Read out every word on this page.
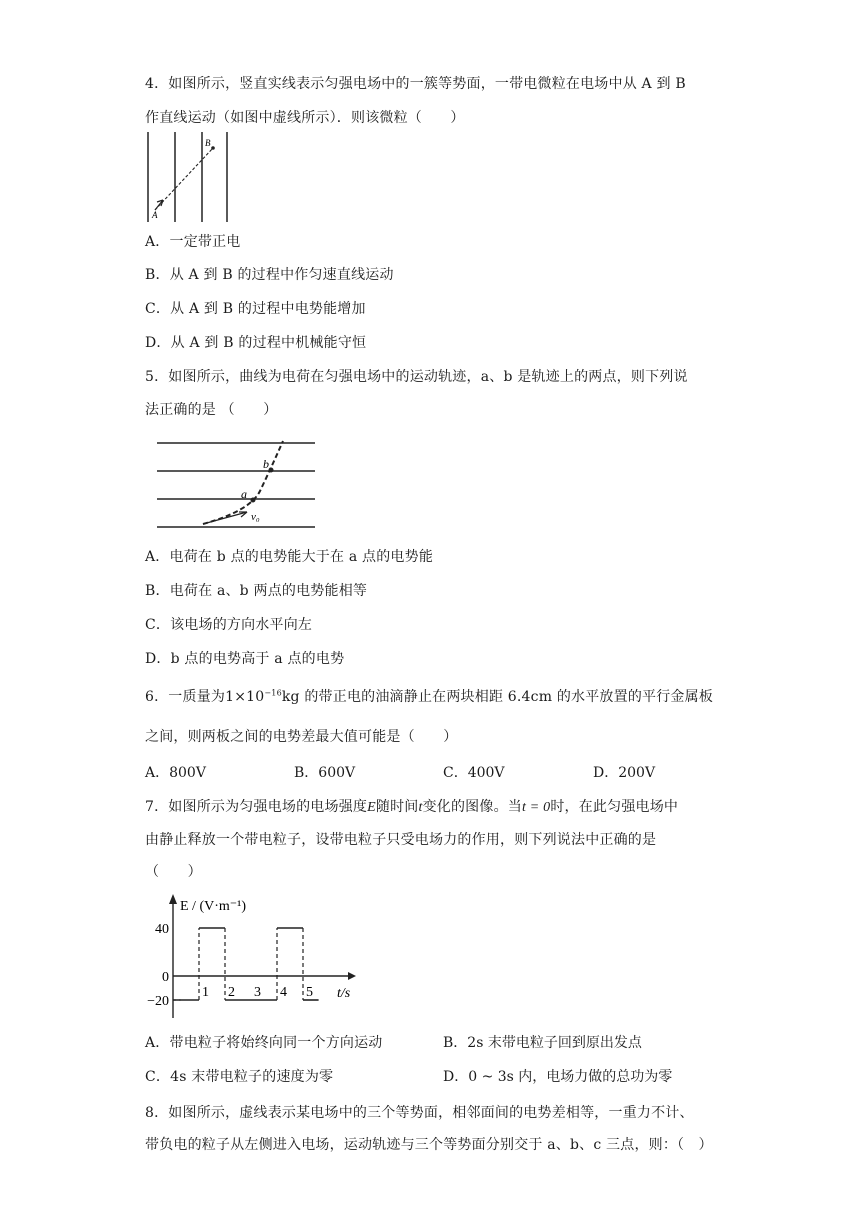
4．如图所示，竖直实线表示匀强电场中的一簇等势面，一带电微粒在电场中从 A 到 B
作直线运动（如图中虚线所示）．则该微粒（　　）
A
B
A．一定带正电
B．从 A 到 B 的过程中作匀速直线运动
C．从 A 到 B 的过程中电势能增加
D．从 A 到 B 的过程中机械能守恒
5．如图所示，曲线为电荷在匀强电场中的运动轨迹，a、b 是轨迹上的两点，则下列说
法正确的是 （　　）
a
b
v₀
A．电荷在 b 点的电势能大于在 a 点的电势能
B．电荷在 a、b 两点的电势能相等
C．该电场的方向水平向左
D．b 点的电势高于 a 点的电势
6．一质量为$1\times 10^{-16}kg$ 的带正电的油滴静止在两块相距 6.4cm 的水平放置的平行金属板
之间，则两板之间的电势差最大值可能是（　　）
A．800V	B．600V	C．400V	D．200V
7．如图所示为匀强电场的电场强度E随时间t变化的图像。当t = 0时，在此匀强电场中
由静止释放一个带电粒子，设带电粒子只受电场力的作用，则下列说法中正确的是
（　　）
E / (V·m⁻¹)
t/s
1 2 3 4 5
40
0
−20
A．带电粒子将始终向同一个方向运动	B．2s 末带电粒子回到原出发点
C．4s 末带电粒子的速度为零	D．0 ~ 3s 内，电场力做的总功为零
8．如图所示，虚线表示某电场中的三个等势面，相邻面间的电势差相等，一重力不计、
带负电的粒子从左侧进入电场，运动轨迹与三个等势面分别交于 a、b、c 三点，则：（　）
